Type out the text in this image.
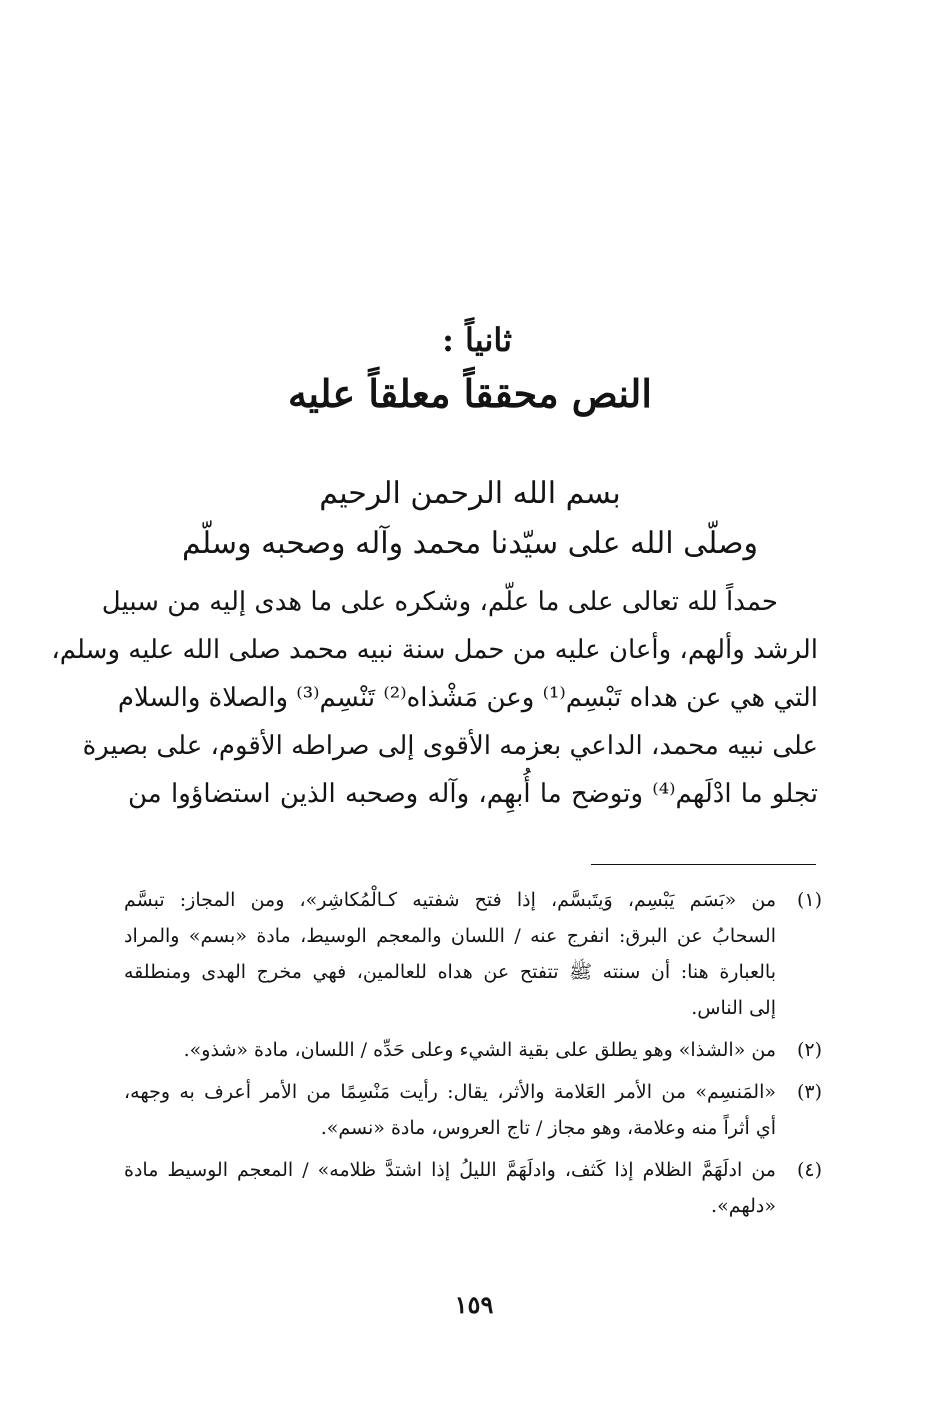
ثانياً :
النص محققاً معلقاً عليه
بسم الله الرحمن الرحيم
وصلّى الله على سيّدنا محمد وآله وصحبه وسلّم
حمداً لله تعالى على ما علّم، وشكره على ما هدى إليه من سبيل
الرشد وألهم، وأعان عليه من حمل سنة نبيه محمد صلى الله عليه وسلم،
التي هي عن هداه تَبْسِم⁽¹⁾ وعن مَشْذاه⁽²⁾ تَنْسِم⁽³⁾ والصلاة والسلام
على نبيه محمد، الداعي بعزمه الأقوى إلى صراطه الأقوم، على بصيرة
تجلو ما ادْلَهم⁽⁴⁾ وتوضح ما أُبهِم، وآله وصحبه الذين استضاؤوا من
(١)
من «بَسَم يَبْسِم، وَيتَبسَّم، إذا فتح شفتيه كـالْمُكاشِر»، ومن المجاز: تبسَّم
السحابُ عن البرق: انفرج عنه / اللسان والمعجم الوسيط، مادة «بسم» والمراد
بالعبارة هنا: أن سنته ﷺ تتفتح عن هداه للعالمين، فهي مخرج الهدى ومنطلقه
إلى الناس.
(٢)
من «الشذا» وهو يطلق على بقية الشيء وعلى حَدِّه / اللسان، مادة «شذو».
(٣)
«المَنسِم» من الأمر العَلامة والأثر، يقال: رأيت مَنْسِمًا من الأمر أعرف به وجهه،
أي أثراً منه وعلامة، وهو مجاز / تاج العروس، مادة «نسم».
(٤)
من ادلَهَمَّ الظلام إذا كَثف، وادلَهَمَّ الليلُ إذا اشتدَّ ظلامه» / المعجم الوسيط مادة
«دلهم».
١٥٩
